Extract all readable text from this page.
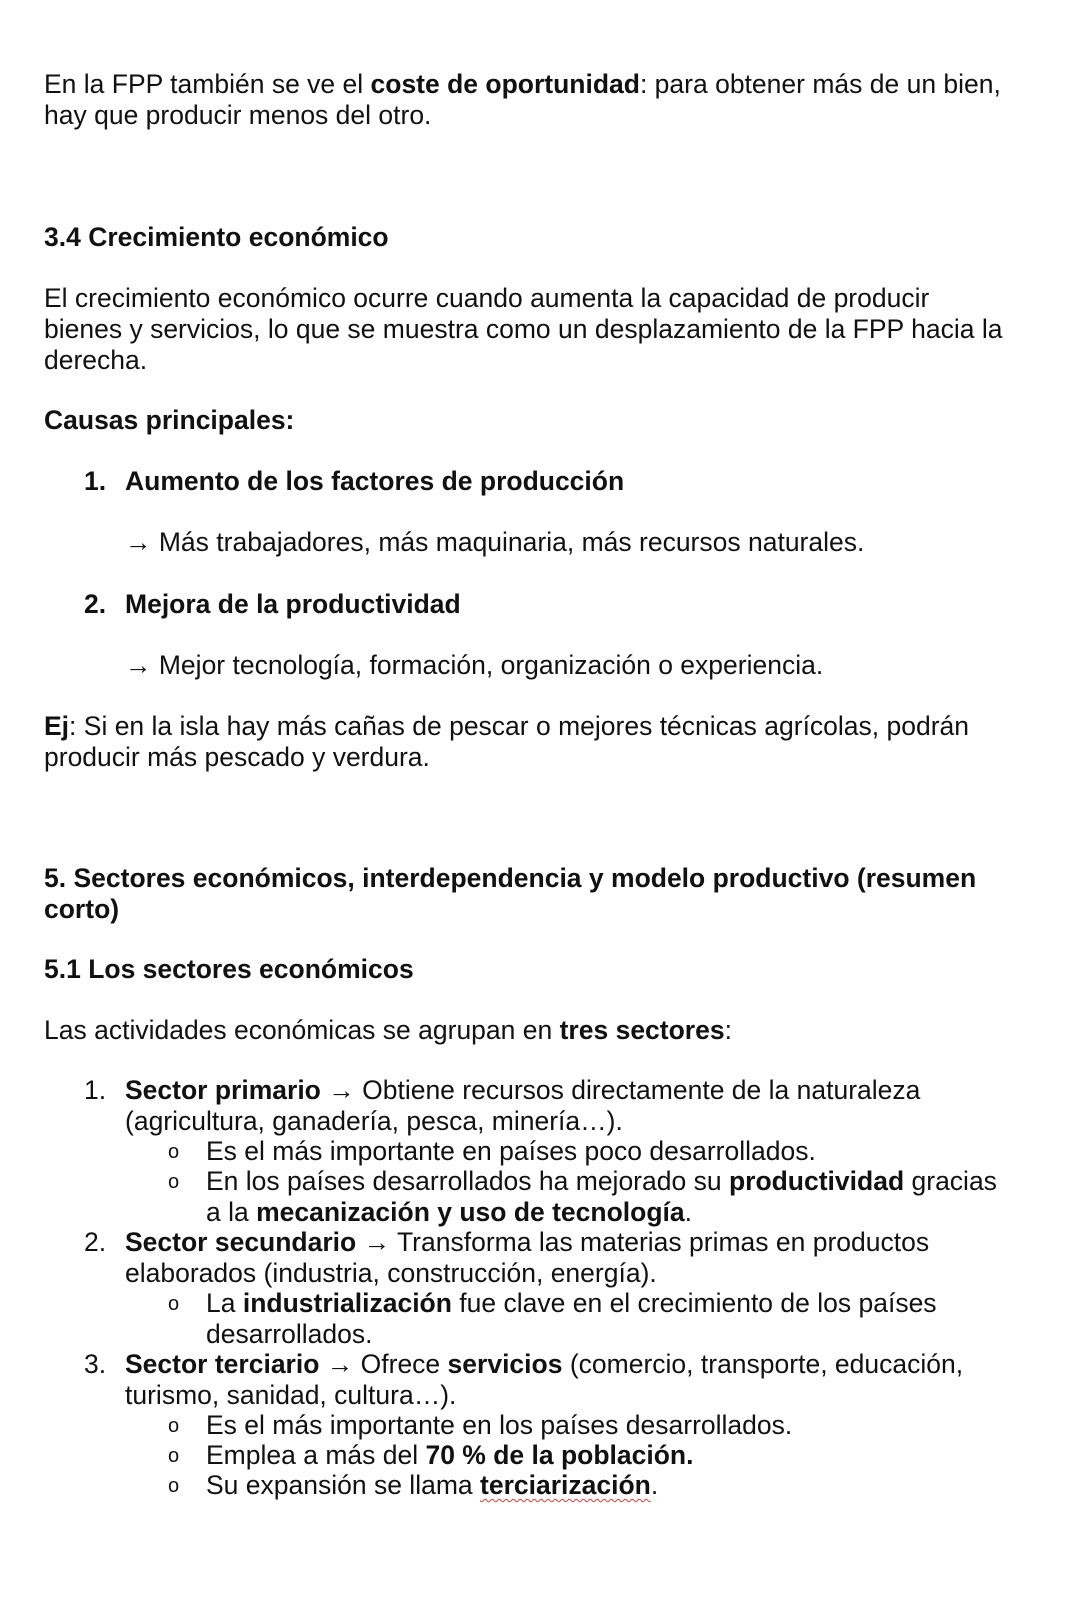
En la FPP también se ve el coste de oportunidad: para obtener más de un bien, hay que producir menos del otro.

3.4 Crecimiento económico

El crecimiento económico ocurre cuando aumenta la capacidad de producir bienes y servicios, lo que se muestra como un desplazamiento de la FPP hacia la derecha.

Causas principales:

1. Aumento de los factores de producción

→ Más trabajadores, más maquinaria, más recursos naturales.

2. Mejora de la productividad

→ Mejor tecnología, formación, organización o experiencia.

Ej: Si en la isla hay más cañas de pescar o mejores técnicas agrícolas, podrán producir más pescado y verdura.

5. Sectores económicos, interdependencia y modelo productivo (resumen corto)

5.1 Los sectores económicos

Las actividades económicas se agrupan en tres sectores:

1. Sector primario → Obtiene recursos directamente de la naturaleza (agricultura, ganadería, pesca, minería…).

o Es el más importante en países poco desarrollados.

o En los países desarrollados ha mejorado su productividad gracias a la mecanización y uso de tecnología.

2. Sector secundario → Transforma las materias primas en productos elaborados (industria, construcción, energía).

o La industrialización fue clave en el crecimiento de los países desarrollados.

3. Sector terciario → Ofrece servicios (comercio, transporte, educación, turismo, sanidad, cultura…).

o Es el más importante en los países desarrollados.

o Emplea a más del 70 % de la población.

o Su expansión se llama terciarización.
